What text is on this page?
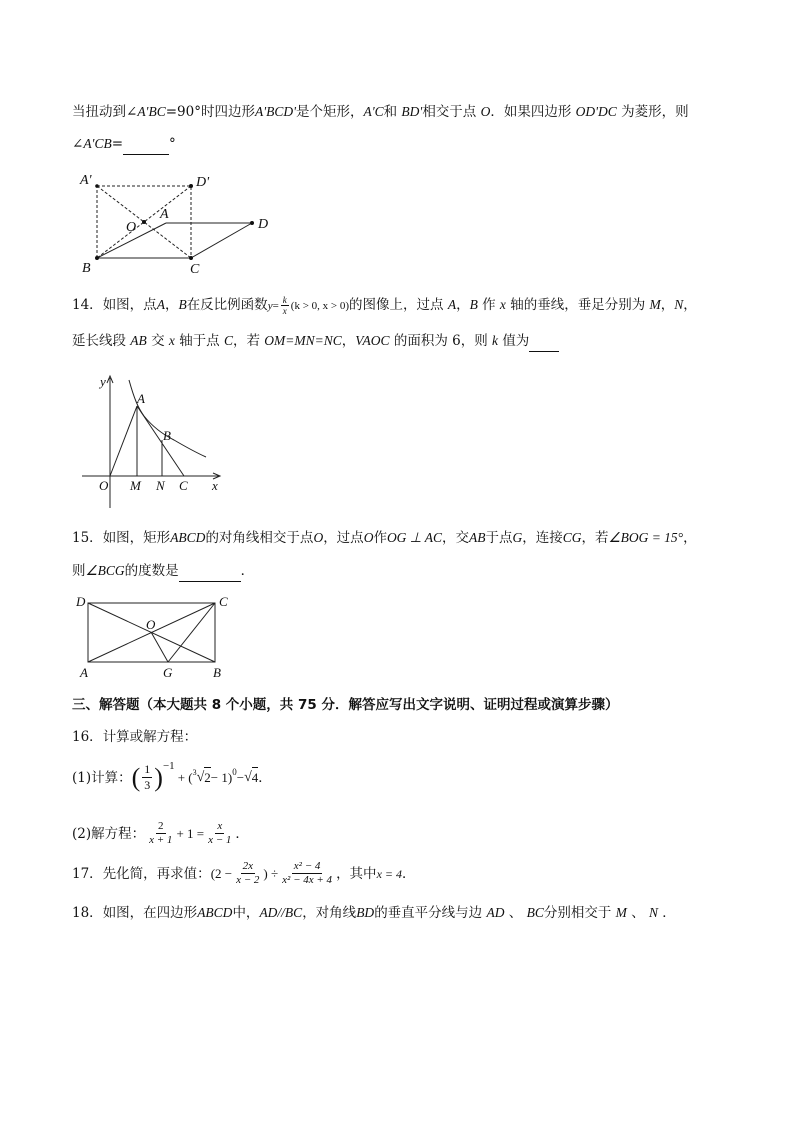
当扭动到∠A'BC=90°时四边形A'BCD'是个矩形，A'C和 BD'相交于点 O．如果四边形 OD'DC 为菱形，则
∠A'CB=	°
A'	D'
A
O	D
B	C
14．如图，点A，B在反比例函数$y= \frac{k}{x} (k > 0$, x > 0)的图像上，过点 A，B 作 x 轴的垂线，垂足分别为 M，N，
延长线段 AB 交 x 轴于点 C，若 OM=MN=NC，VAOC 的面积为 6，则 k 值为
y
A
B
O M N C x
15．如图，矩形ABCD的对角线相交于点O，过点O作OG ⊥ AC，交AB于点G，连接CG，若∠BOG = 15°，
则∠BCG的度数是	．
D	C
O
A	G	B
三、解答题（本大题共 8 个小题，共 75 分．解答应写出文字说明、证明过程或演算步骤）
16．计算或解方程：
(1)计算： ( $\frac{1}{3} )^{-1}$
+ ($^3$ √ 2 − 1)$^0$ − √ 4 ．
(2)解方程： $\frac{2}{x + 1} + 1 = \frac{x}{x - 1}$ ．
17． 先化简，再求值： ($2 - \frac{2x}{x - 2}$ ) ÷ $\frac{\text{x² − 4}}{\text{x² − 4x + 4}}$ ，其中 x = 4 ．
18．如图，在四边形ABCD中，AD//BC，对角线BD的垂直平分线与边 AD 、 BC分别相交于 M 、 N ．
